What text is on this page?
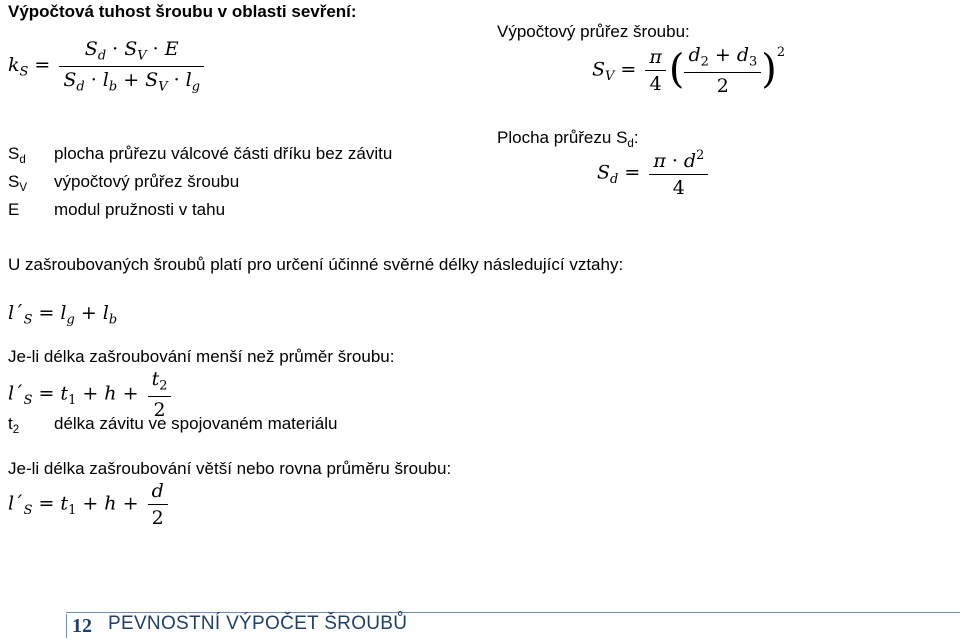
Výpočtová tuhost šroubu v oblasti sevření:
Výpočtový průřez šroubu:
$k_S = \frac{S_d \cdot S_V \cdot E}{S_d \cdot l_b + S_V \cdot l_g}$	$S_V = \frac{\pi}{4}$ ( $\frac{d_2 + d_3}{2} )^2$
$S_d$ plocha průřezu válcové části dříku bez závitu
$S_V$ výpočtový průřez šroubu
E modul pružnosti v tahu
Plocha průřezu $S_d$:
$S_d = \frac{\pi \cdot d^2}{4}$
U zašroubovaných šroubů platí pro určení účinné svěrné délky následující vztahy:
$l´_S = l_g + l_b$
Je-li délka zašroubování menší než průměr šroubu:
$l´_S = t_1 + h + \frac{t_2}{2}$
$t_2$ délka závitu ve spojovaném materiálu
Je-li délka zašroubování větší nebo rovna průměru šroubu:
$l´_S = t_1 + h + \frac{d}{2}$
12 PEVNOSTNÍ VÝPOČET ŠROUBŮ
